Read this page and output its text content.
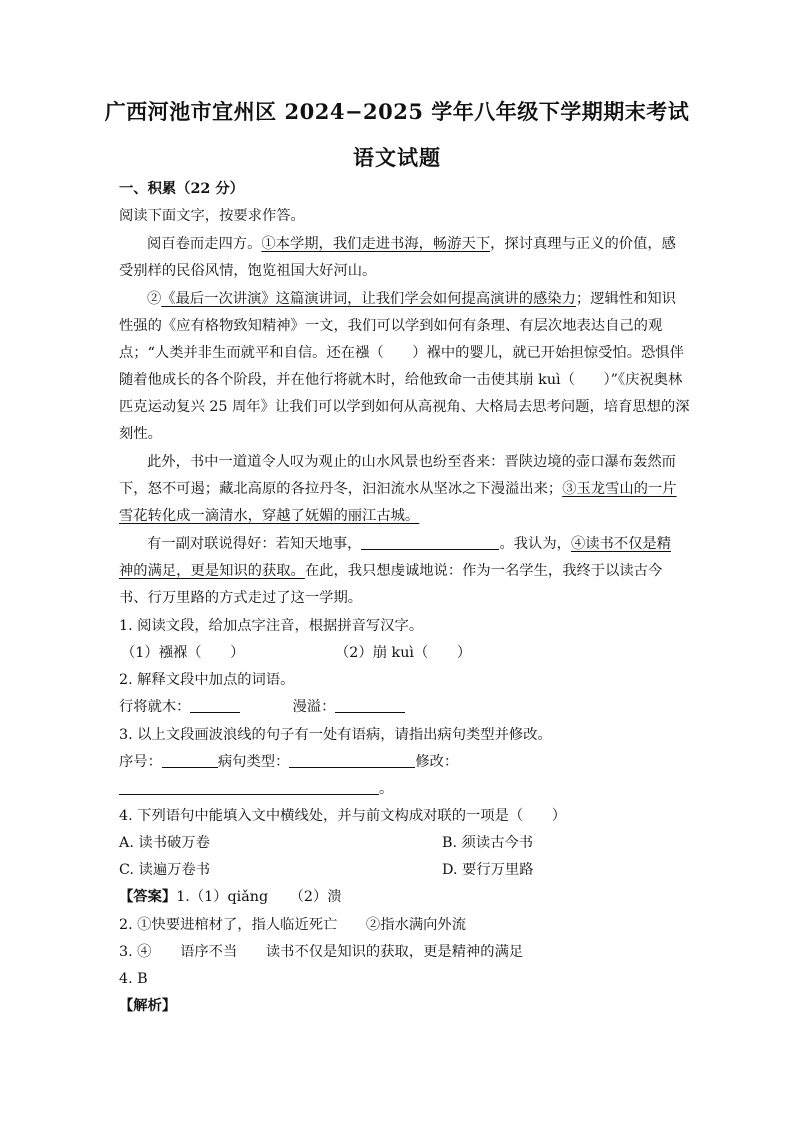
广西河池市宜州区 2024−2025 学年八年级下学期期末考试
语文试题
一、积累（22 分）
阅读下面文字，按要求作答。
阅百卷而走四方。①本学期，我们走进书海，畅游天下，探讨真理与正义的价值，感
受别样的民俗风情，饱览祖国大好河山。
②《最后一次讲演》这篇演讲词，让我们学会如何提高演讲的感染力；逻辑性和知识
性强的《应有格物致知精神》一文，我们可以学到如何有条理、有层次地表达自己的观
点；“人类并非生而就平和自信。还在襁（　　）褓中的婴儿，就已开始担惊受怕。恐惧伴
随着他成长的各个阶段，并在他行将就木时，给他致命一击使其崩 kuì（　　）”《庆祝奥林
匹克运动复兴 25 周年》让我们可以学到如何从高视角、大格局去思考问题，培育思想的深
刻性。
此外，书中一道道令人叹为观止的山水风景也纷至沓来：晋陕边境的壶口瀑布轰然而
下，怒不可遏；藏北高原的各拉丹冬，汩汩流水从坚冰之下漫溢出来；③玉龙雪山的一片
雪花转化成一滴清水，穿越了妩媚的丽江古城。
有一副对联说得好：若知天地事，	。我认为，④读书不仅是精
神的满足，更是知识的获取。在此，我只想虔诚地说：作为一名学生，我终于以读古今
书、行万里路的方式走过了这一学期。
1. 阅读文段，给加点字注音，根据拼音写汉字。
（1）襁褓（　　）	（2）崩 kuì（　　）
2. 解释文段中加点的词语。
行将就木：	漫溢：
3. 以上文段画波浪线的句子有一处有语病，请指出病句类型并修改。
序号：	病句类型：	修改：
。
4. 下列语句中能填入文中横线处，并与前文构成对联的一项是（　　）
A. 读书破万卷	B. 须读古今书
C. 读遍万卷书	D. 要行万里路
【答案】1.（1）qiǎng　　（2）溃
2. ①快要进棺材了，指人临近死亡　　②指水满向外流
3. ④　　语序不当　　读书不仅是知识的获取，更是精神的满足
4. B
【解析】
